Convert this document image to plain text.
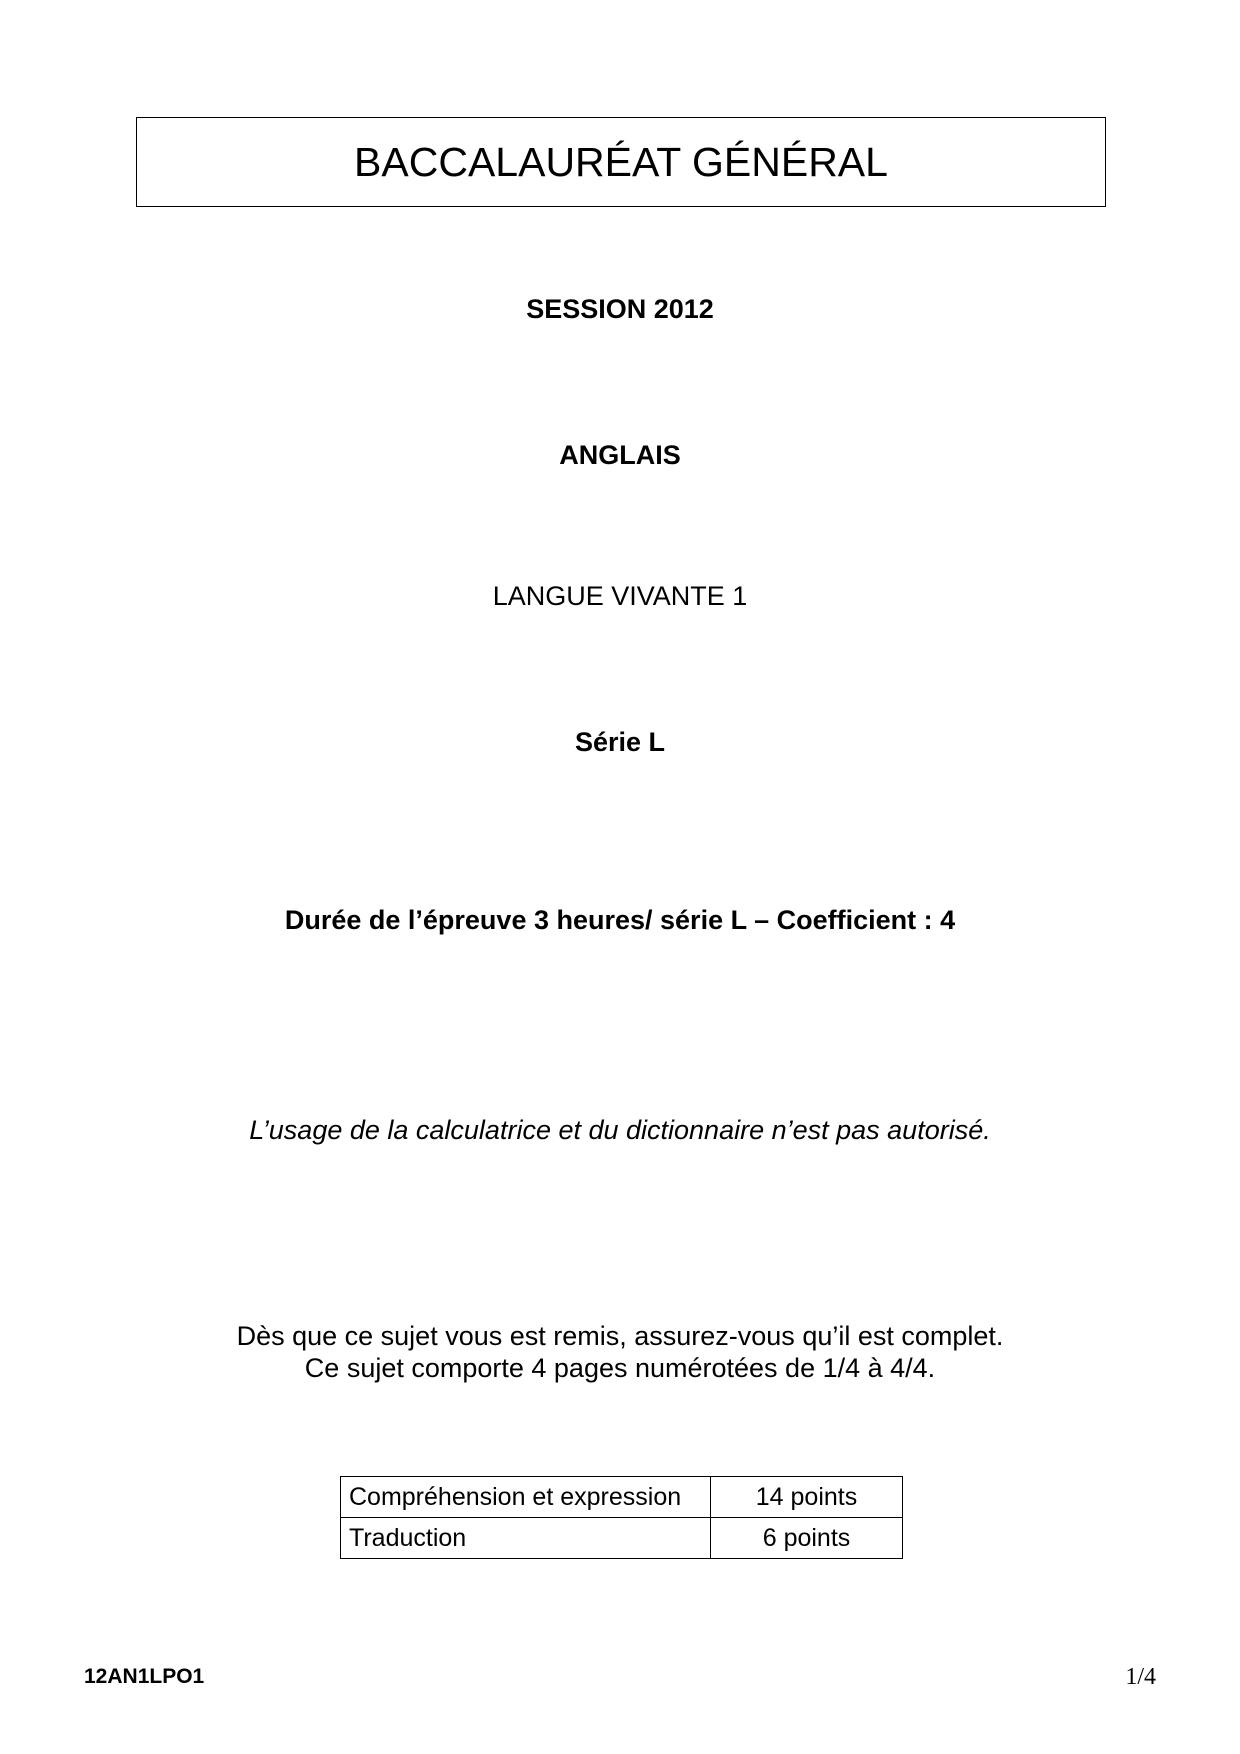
BACCALAURÉAT GÉNÉRAL
SESSION 2012
ANGLAIS
LANGUE VIVANTE 1
Série L
Durée de l’épreuve 3 heures/ série L – Coefficient : 4
L’usage de la calculatrice et du dictionnaire n’est pas autorisé.
Dès que ce sujet vous est remis, assurez-vous qu’il est complet.
Ce sujet comporte 4 pages numérotées de 1/4 à 4/4.
Compréhension et expression	14 points
Traduction	6 points
12AN1LPO1	1/4
